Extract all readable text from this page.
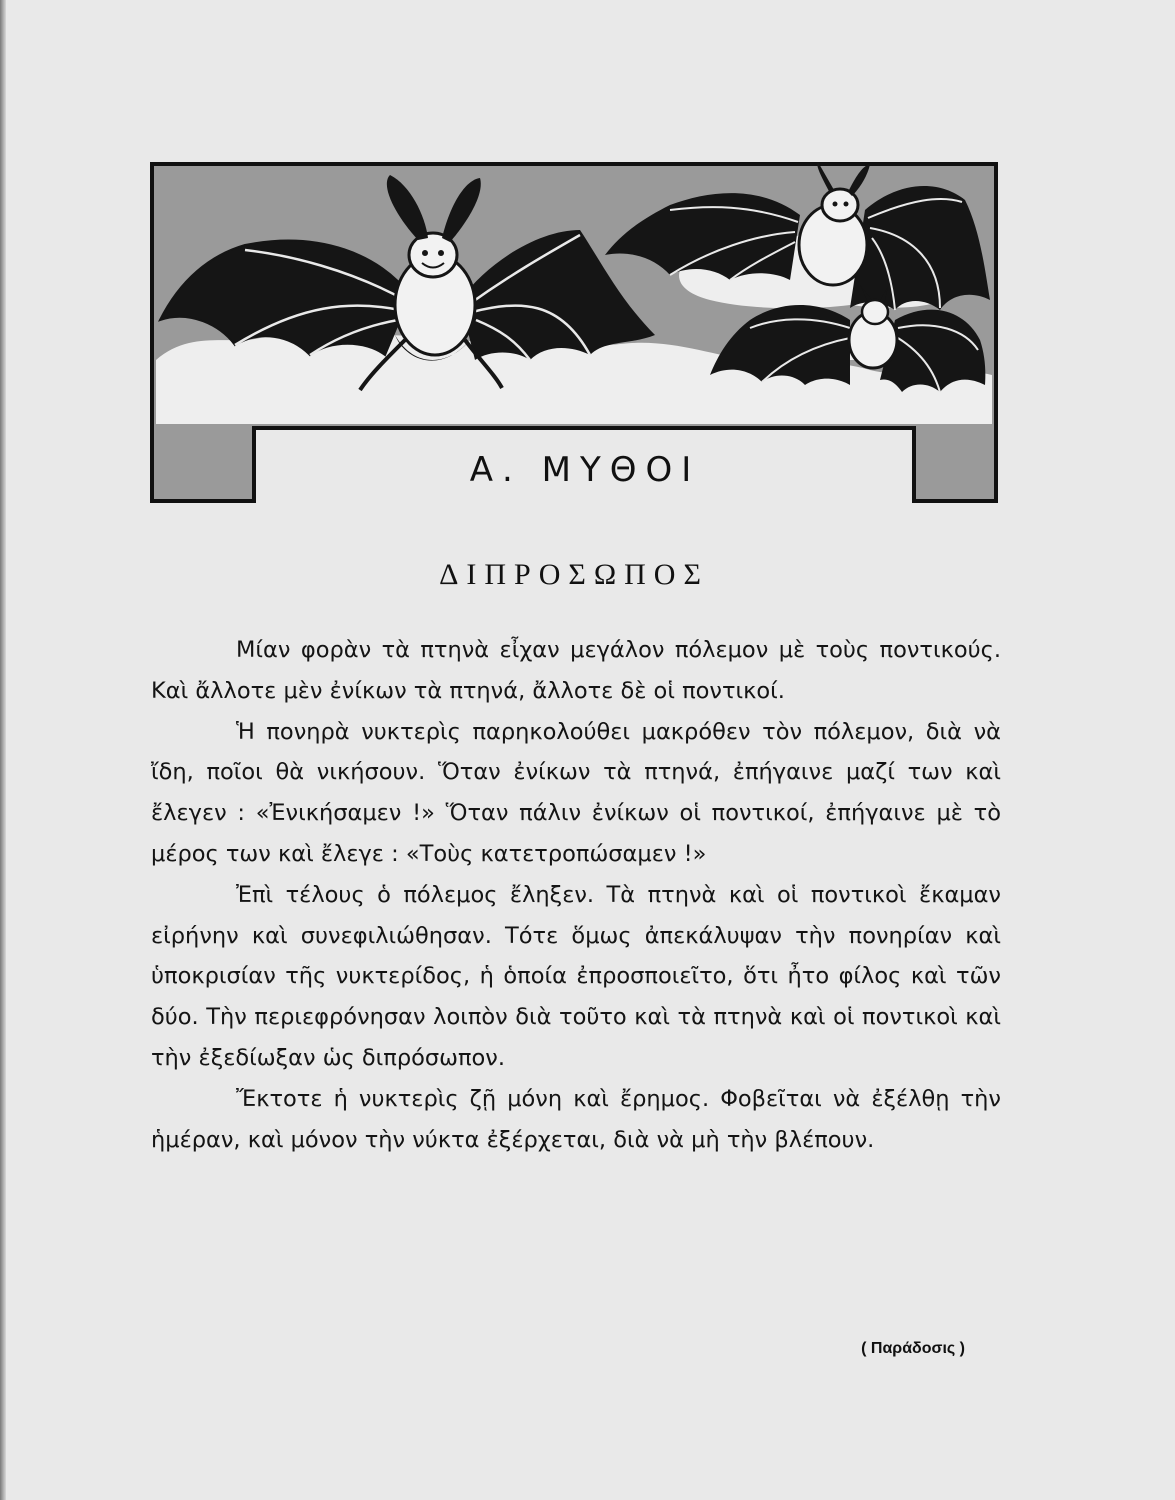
Α. ΜΥΘΟΙ
ΔΙΠΡΟΣΩΠΟΣ

Μίαν φορὰν τὰ πτηνὰ εἶχαν μεγάλον πόλεμον μὲ τοὺς ποντικούς. Καὶ ἄλλοτε μὲν ἐνίκων τὰ πτηνά, ἄλλοτε δὲ οἱ ποντικοί.

Ἡ πονηρὰ νυκτερὶς παρηκολούθει μακρόθεν τὸν πόλεμον, διὰ νὰ ἴδη, ποῖοι θὰ νικήσουν. Ὅταν ἐνίκων τὰ πτηνά, ἐπήγαινε μαζί των καὶ ἔλεγεν : «Ἐνικήσαμεν !» Ὅταν πάλιν ἐνίκων οἱ ποντικοί, ἐπήγαινε μὲ τὸ μέρος των καὶ ἔλεγε : «Τοὺς κατετροπώσαμεν !»

Ἐπὶ τέλους ὁ πόλεμος ἔληξεν. Τὰ πτηνὰ καὶ οἱ ποντικοὶ ἔκαμαν εἰρήνην καὶ συνεφιλιώθησαν. Τότε ὅμως ἀπεκάλυψαν τὴν πονηρίαν καὶ ὑποκρισίαν τῆς νυκτερίδος, ἡ ὁποία ἐπροσποιεῖτο, ὅτι ἦτο φίλος καὶ τῶν δύο. Τὴν περιεφρόνησαν λοιπὸν διὰ τοῦτο καὶ τὰ πτηνὰ καὶ οἱ ποντικοὶ καὶ τὴν ἐξεδίωξαν ὡς διπρόσωπον.

Ἔκτοτε ἡ νυκτερὶς ζῇ μόνη καὶ ἔρημος. Φοβεῖται νὰ ἐξέλθῃ τὴν ἡμέραν, καὶ μόνον τὴν νύκτα ἐξέρχεται, διὰ νὰ μὴ τὴν βλέπουν.

( Παράδοσις )
